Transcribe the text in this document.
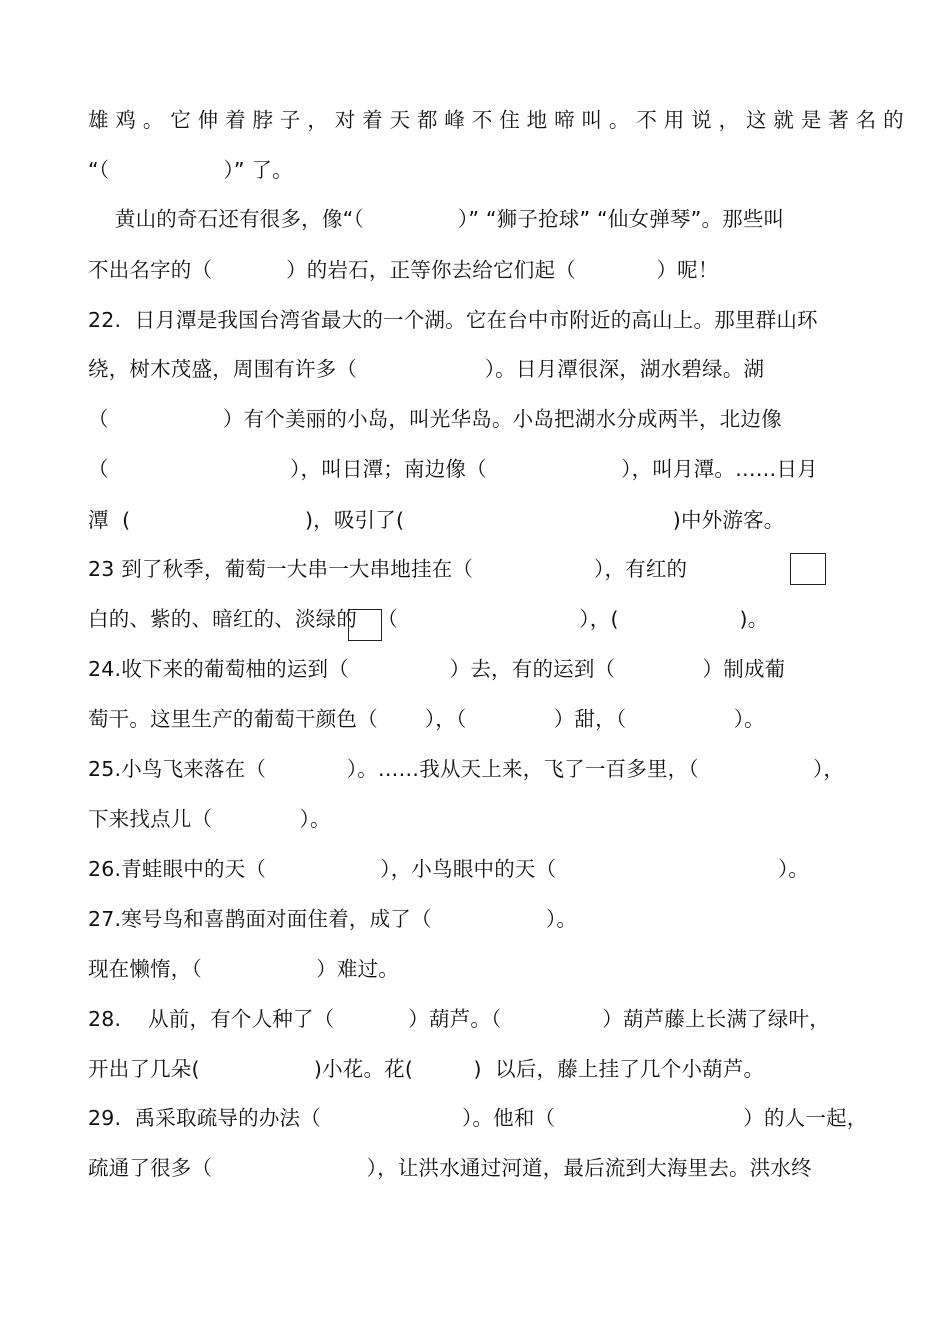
雄 鸡 。 它 伸 着 脖 子 ， 对 着 天 都 峰 不 住 地 啼 叫 。 不 用 说 ， 这 就 是 著 名 的
“（                 ）” 了。
黄山的奇石还有很多，像“（              ）” “狮子抢球” “仙女弹琴”。那些叫
不出名字的（           ）的岩石，正等你去给它们起（            ）呢！
22.  日月潭是我国台湾省最大的一个湖。它在台中市附近的高山上。那里群山环
绕，树木茂盛，周围有许多（                   ）。日月潭很深，湖水碧绿。湖
（                 ）有个美丽的小岛，叫光华岛。小岛把湖水分成两半，北边像
（                           ），叫日潭；南边像（                    ），叫月潭。……日月
潭  (                          )，吸引了(                                        )中外游客。
23 到了秋季，葡萄一大串一大串地挂在（                  ），有红的
白的、紫的、暗红的、淡绿的   （                           ），(                  )。
24.收下来的葡萄柚的运到（               ）去，有的运到（             ）制成葡
萄干。这里生产的葡萄干颜色（       ），（             ）甜，（                ）。
25.小鸟飞来落在（            ）。……我从天上来，飞了一百多里，（                 ），
下来找点儿（             ）。
26.青蛙眼中的天（                 ），小鸟眼中的天（                                 ）。
27.寒号鸟和喜鹊面对面住着，成了（                 ）。
现在懒惰，（                 ）难过。
28.    从前，有个人种了（           ）葫芦。（               ）葫芦藤上长满了绿叶，
开出了几朵(                 )小花。花(         )  以后，藤上挂了几个小葫芦。
29.  禹采取疏导的办法（                     ）。他和（                            ）的人一起，
疏通了很多（                       ），让洪水通过河道，最后流到大海里去。洪水终
